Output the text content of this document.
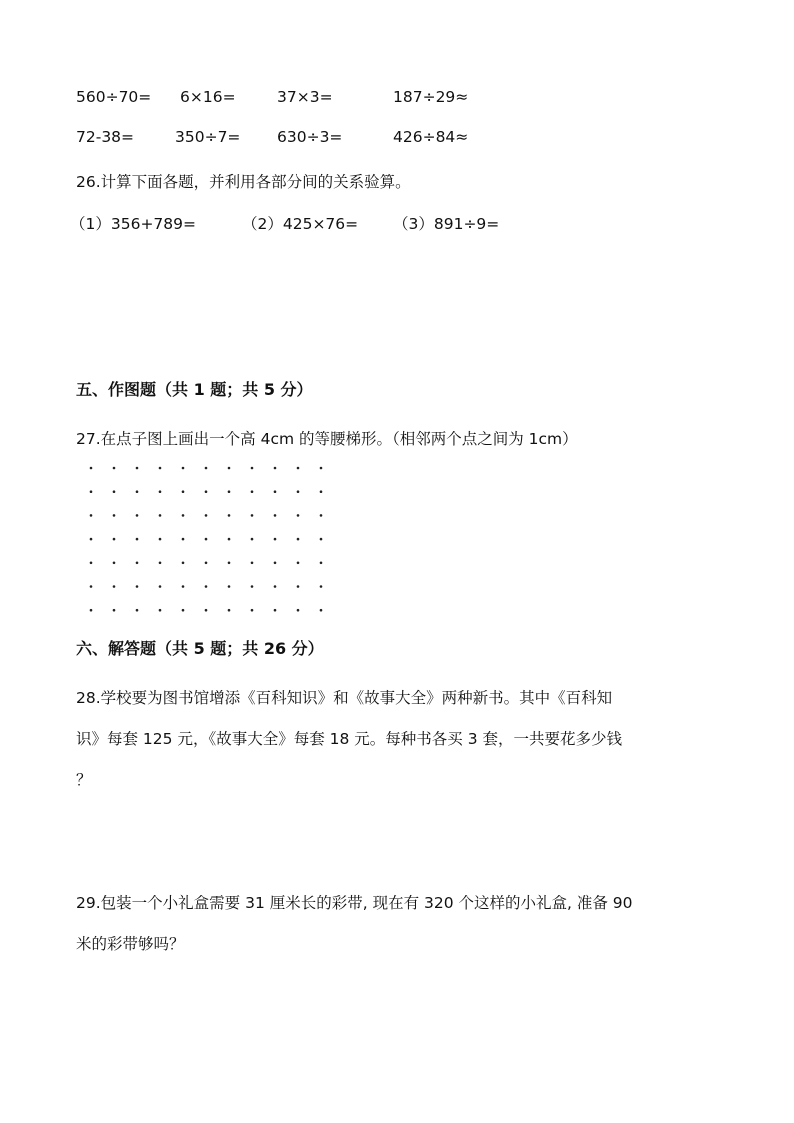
560÷70= 6×16=	37×3=	187÷29≈
72-38=	350÷7= 630÷3=	426÷84≈
26.计算下面各题，并利用各部分间的关系验算。
（1）356+789=	（2）425×76= （3）891÷9=
五、作图题（共 1 题；共 5 分）
27.在点子图上画出一个高 4cm 的等腰梯形。（相邻两个点之间为 1cm）
六、解答题（共 5 题；共 26 分）
28.学校要为图书馆增添《百科知识》和《故事大全》两种新书。其中《百科知
识》每套 125 元，《故事大全》每套 18 元。每种书各买 3 套，一共要花多少钱
？
29.包装一个小礼盒需要 31 厘米长的彩带, 现在有 320 个这样的小礼盒, 准备 90
米的彩带够吗？
